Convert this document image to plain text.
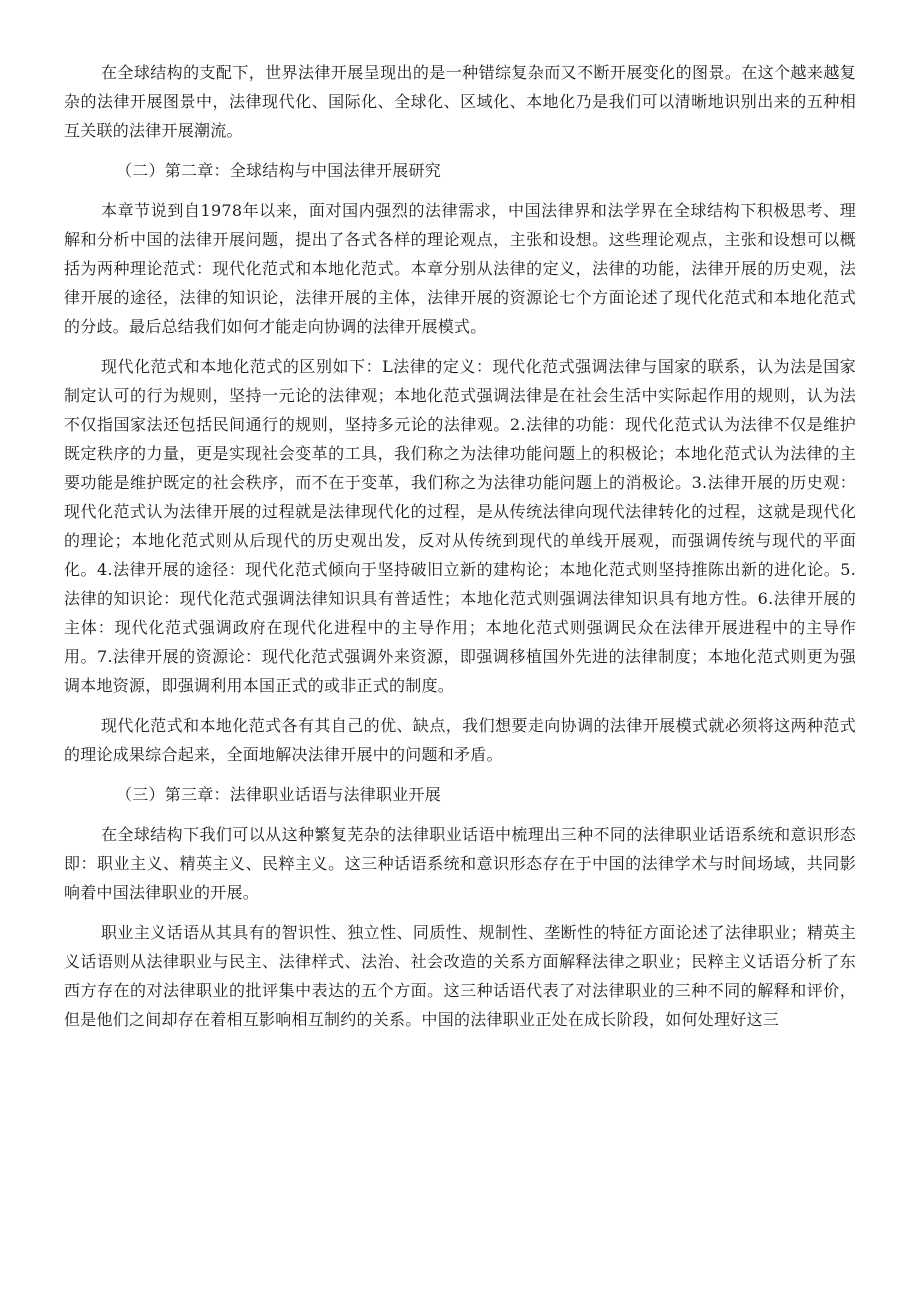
在全球结构的支配下，世界法律开展呈现出的是一种错综复杂而又不断开展变化的图景。在这个越来越复杂的法律开展图景中，法律现代化、国际化、全球化、区域化、本地化乃是我们可以清晰地识别出来的五种相互关联的法律开展潮流。

（二）第二章：全球结构与中国法律开展研究

本章节说到自1978年以来，面对国内强烈的法律需求，中国法律界和法学界在全球结构下积极思考、理解和分析中国的法律开展问题，提出了各式各样的理论观点，主张和设想。这些理论观点，主张和设想可以概括为两种理论范式：现代化范式和本地化范式。本章分别从法律的定义，法律的功能，法律开展的历史观，法律开展的途径，法律的知识论，法律开展的主体，法律开展的资源论七个方面论述了现代化范式和本地化范式的分歧。最后总结我们如何才能走向协调的法律开展模式。

现代化范式和本地化范式的区别如下：L法律的定义：现代化范式强调法律与国家的联系，认为法是国家制定认可的行为规则，坚持一元论的法律观；本地化范式强调法律是在社会生活中实际起作用的规则，认为法不仅指国家法还包括民间通行的规则，坚持多元论的法律观。2.法律的功能：现代化范式认为法律不仅是维护既定秩序的力量，更是实现社会变革的工具，我们称之为法律功能问题上的积极论；本地化范式认为法律的主要功能是维护既定的社会秩序，而不在于变革，我们称之为法律功能问题上的消极论。3.法律开展的历史观：现代化范式认为法律开展的过程就是法律现代化的过程，是从传统法律向现代法律转化的过程，这就是现代化的理论；本地化范式则从后现代的历史观出发，反对从传统到现代的单线开展观，而强调传统与现代的平面化。4.法律开展的途径：现代化范式倾向于坚持破旧立新的建构论；本地化范式则坚持推陈出新的进化论。5.法律的知识论：现代化范式强调法律知识具有普适性；本地化范式则强调法律知识具有地方性。6.法律开展的主体：现代化范式强调政府在现代化进程中的主导作用；本地化范式则强调民众在法律开展进程中的主导作用。7.法律开展的资源论：现代化范式强调外来资源，即强调移植国外先进的法律制度；本地化范式则更为强调本地资源，即强调利用本国正式的或非正式的制度。

现代化范式和本地化范式各有其自己的优、缺点，我们想要走向协调的法律开展模式就必须将这两种范式的理论成果综合起来，全面地解决法律开展中的问题和矛盾。

（三）第三章：法律职业话语与法律职业开展

在全球结构下我们可以从这种繁复芜杂的法律职业话语中梳理出三种不同的法律职业话语系统和意识形态即：职业主义、精英主义、民粹主义。这三种话语系统和意识形态存在于中国的法律学术与时间场域，共同影响着中国法律职业的开展。

职业主义话语从其具有的智识性、独立性、同质性、规制性、垄断性的特征方面论述了法律职业；精英主义话语则从法律职业与民主、法律样式、法治、社会改造的关系方面解释法律之职业；民粹主义话语分析了东西方存在的对法律职业的批评集中表达的五个方面。这三种话语代表了对法律职业的三种不同的解释和评价，但是他们之间却存在着相互影响相互制约的关系。中国的法律职业正处在成长阶段，如何处理好这三
